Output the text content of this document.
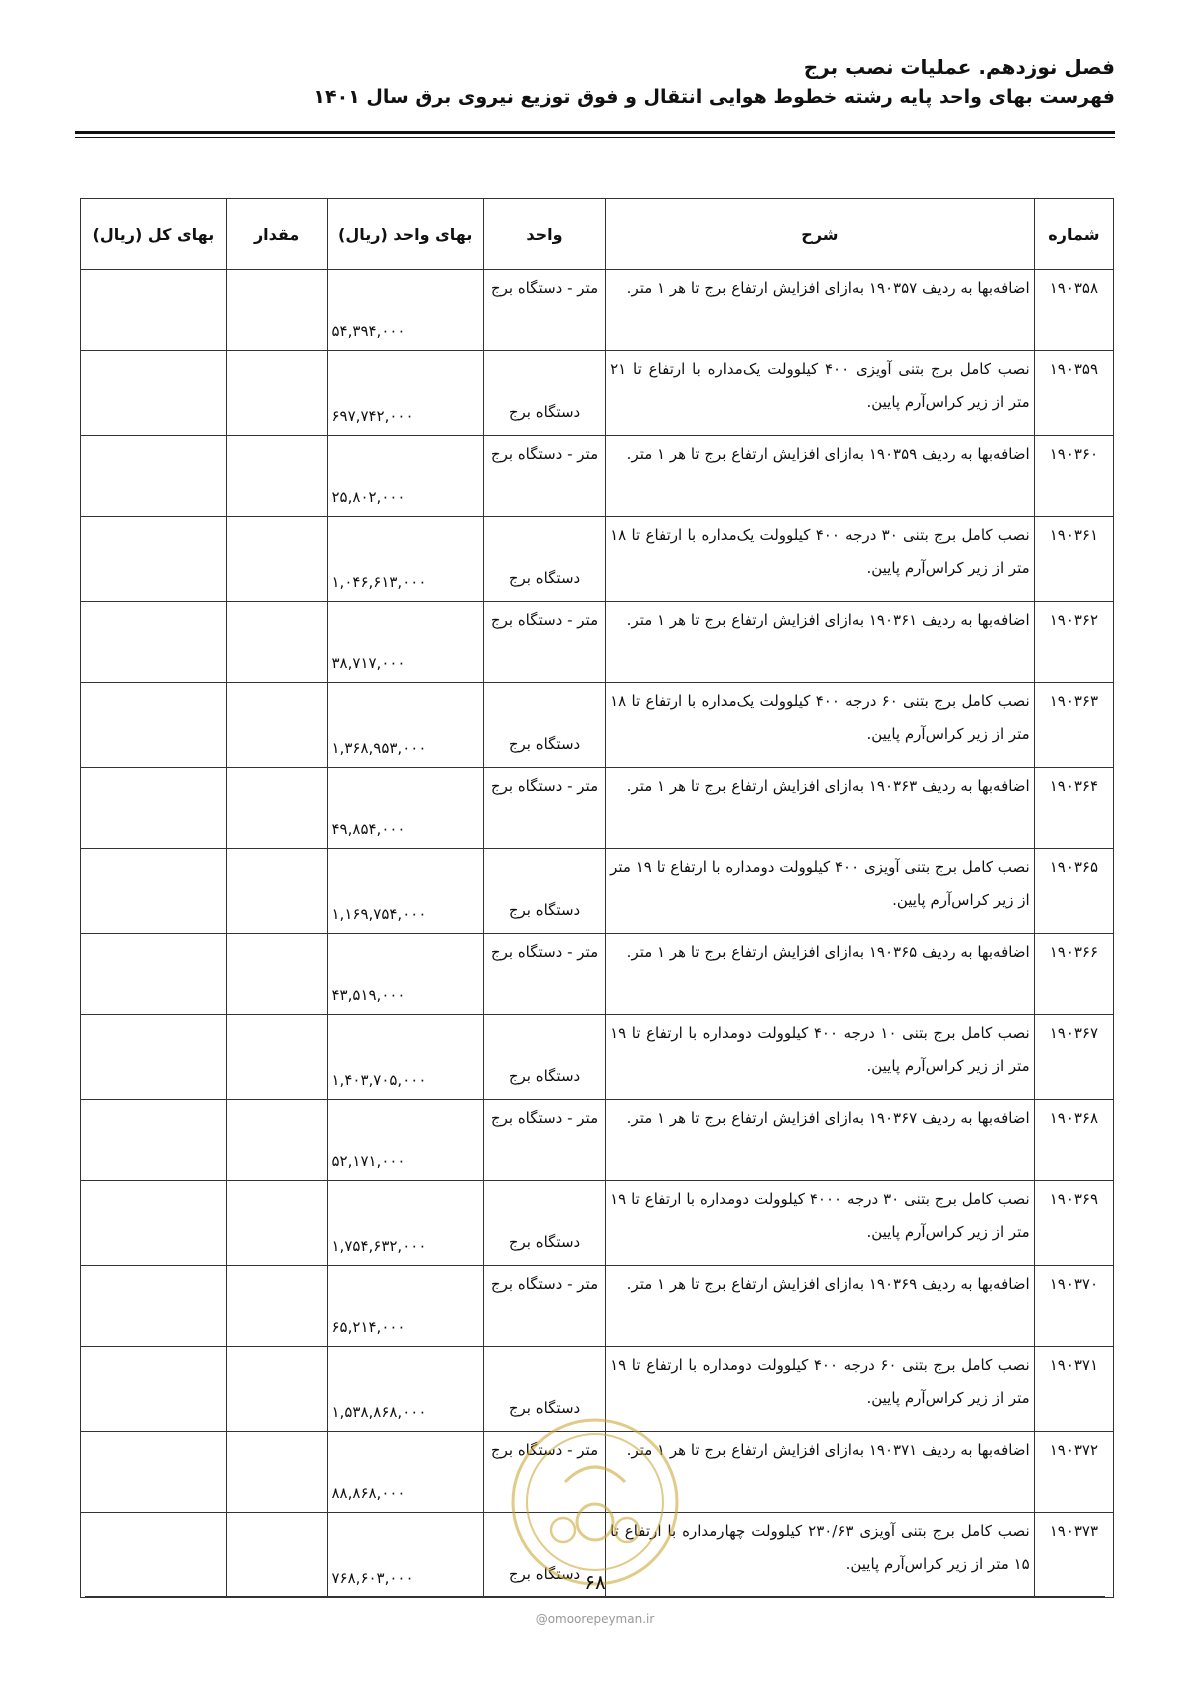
فصل نوزدهم. عملیات نصب برج
فهرست بهای واحد پایه رشته خطوط هوایی انتقال و فوق توزیع نیروی برق سال ۱۴۰۱
شماره	شرح	واحد	بهای واحد (ریال)	مقدار	بهای کل (ریال)
۱۹۰۳۵۸	اضافه‌بها به ردیف ۱۹۰۳۵۷ به‌ازای افزایش ارتفاع برج تا هر ۱ متر.	متر - دستگاه برج	۵۴,۳۹۴,۰۰۰		
۱۹۰۳۵۹	نصب کامل برج بتنی آویزی ۴۰۰ کیلوولت یک‌مداره با ارتفاع تا ۲۱ متر از زیر کراس‌آرم پایین.	دستگاه برج	۶۹۷,۷۴۲,۰۰۰		
۱۹۰۳۶۰	اضافه‌بها به ردیف ۱۹۰۳۵۹ به‌ازای افزایش ارتفاع برج تا هر ۱ متر.	متر - دستگاه برج	۲۵,۸۰۲,۰۰۰		
۱۹۰۳۶۱	نصب کامل برج بتنی ۳۰ درجه ۴۰۰ کیلوولت یک‌مداره با ارتفاع تا ۱۸ متر از زیر کراس‌آرم پایین.	دستگاه برج	۱,۰۴۶,۶۱۳,۰۰۰		
۱۹۰۳۶۲	اضافه‌بها به ردیف ۱۹۰۳۶۱ به‌ازای افزایش ارتفاع برج تا هر ۱ متر.	متر - دستگاه برج	۳۸,۷۱۷,۰۰۰		
۱۹۰۳۶۳	نصب کامل برج بتنی ۶۰ درجه ۴۰۰ کیلوولت یک‌مداره با ارتفاع تا ۱۸ متر از زیر کراس‌آرم پایین.	دستگاه برج	۱,۳۶۸,۹۵۳,۰۰۰		
۱۹۰۳۶۴	اضافه‌بها به ردیف ۱۹۰۳۶۳ به‌ازای افزایش ارتفاع برج تا هر ۱ متر.	متر - دستگاه برج	۴۹,۸۵۴,۰۰۰		
۱۹۰۳۶۵	نصب کامل برج بتنی آویزی ۴۰۰ کیلوولت دومداره با ارتفاع تا ۱۹ متر از زیر کراس‌آرم پایین.	دستگاه برج	۱,۱۶۹,۷۵۴,۰۰۰		
۱۹۰۳۶۶	اضافه‌بها به ردیف ۱۹۰۳۶۵ به‌ازای افزایش ارتفاع برج تا هر ۱ متر.	متر - دستگاه برج	۴۳,۵۱۹,۰۰۰		
۱۹۰۳۶۷	نصب کامل برج بتنی ۱۰ درجه ۴۰۰ کیلوولت دومداره با ارتفاع تا ۱۹ متر از زیر کراس‌آرم پایین.	دستگاه برج	۱,۴۰۳,۷۰۵,۰۰۰		
۱۹۰۳۶۸	اضافه‌بها به ردیف ۱۹۰۳۶۷ به‌ازای افزایش ارتفاع برج تا هر ۱ متر.	متر - دستگاه برج	۵۲,۱۷۱,۰۰۰		
۱۹۰۳۶۹	نصب کامل برج بتنی ۳۰ درجه ۴۰۰۰ کیلوولت دومداره با ارتفاع تا ۱۹ متر از زیر کراس‌آرم پایین.	دستگاه برج	۱,۷۵۴,۶۳۲,۰۰۰		
۱۹۰۳۷۰	اضافه‌بها به ردیف ۱۹۰۳۶۹ به‌ازای افزایش ارتفاع برج تا هر ۱ متر.	متر - دستگاه برج	۶۵,۲۱۴,۰۰۰		
۱۹۰۳۷۱	نصب کامل برج بتنی ۶۰ درجه ۴۰۰ کیلوولت دومداره با ارتفاع تا ۱۹ متر از زیر کراس‌آرم پایین.	دستگاه برج	۱,۵۳۸,۸۶۸,۰۰۰		
۱۹۰۳۷۲	اضافه‌بها به ردیف ۱۹۰۳۷۱ به‌ازای افزایش ارتفاع برج تا هر ۱ متر.	متر - دستگاه برج	۸۸,۸۶۸,۰۰۰		
۱۹۰۳۷۳	نصب کامل برج بتنی آویزی ۲۳۰/۶۳ کیلوولت چهارمداره با ارتفاع تا ۱۵ متر از زیر کراس‌آرم پایین.	دستگاه برج	۷۶۸,۶۰۳,۰۰۰			۶۸
@omoorepeyman.ir
